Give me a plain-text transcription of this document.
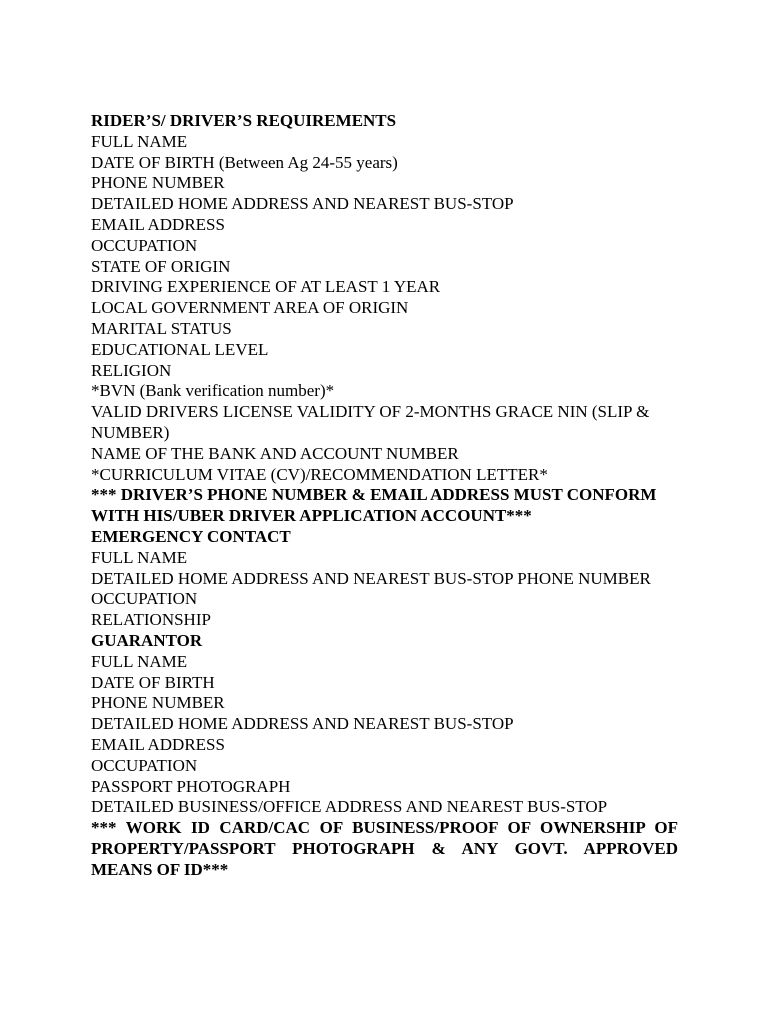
RIDER’S/ DRIVER’S REQUIREMENTS
FULL NAME
DATE OF BIRTH (Between Ag 24-55 years)
PHONE NUMBER
DETAILED HOME ADDRESS AND NEAREST BUS-STOP
EMAIL ADDRESS
OCCUPATION
STATE OF ORIGIN
DRIVING EXPERIENCE OF AT LEAST 1 YEAR
LOCAL GOVERNMENT AREA OF ORIGIN
MARITAL STATUS
EDUCATIONAL LEVEL
RELIGION
*BVN (Bank verification number)*
VALID DRIVERS LICENSE VALIDITY OF 2-MONTHS GRACE NIN (SLIP & NUMBER)
NAME OF THE BANK AND ACCOUNT NUMBER
*CURRICULUM VITAE (CV)/RECOMMENDATION LETTER*
*** DRIVER’S PHONE NUMBER & EMAIL ADDRESS MUST CONFORM WITH HIS/UBER DRIVER APPLICATION ACCOUNT***
EMERGENCY CONTACT
FULL NAME
DETAILED HOME ADDRESS AND NEAREST BUS-STOP PHONE NUMBER
OCCUPATION
RELATIONSHIP
GUARANTOR
FULL NAME
DATE OF BIRTH
PHONE NUMBER
DETAILED HOME ADDRESS AND NEAREST BUS-STOP
EMAIL ADDRESS
OCCUPATION
PASSPORT PHOTOGRAPH
DETAILED BUSINESS/OFFICE ADDRESS AND NEAREST BUS-STOP
*** WORK ID CARD/CAC OF BUSINESS/PROOF OF OWNERSHIP OF PROPERTY/PASSPORT PHOTOGRAPH & ANY GOVT. APPROVED MEANS OF ID***
